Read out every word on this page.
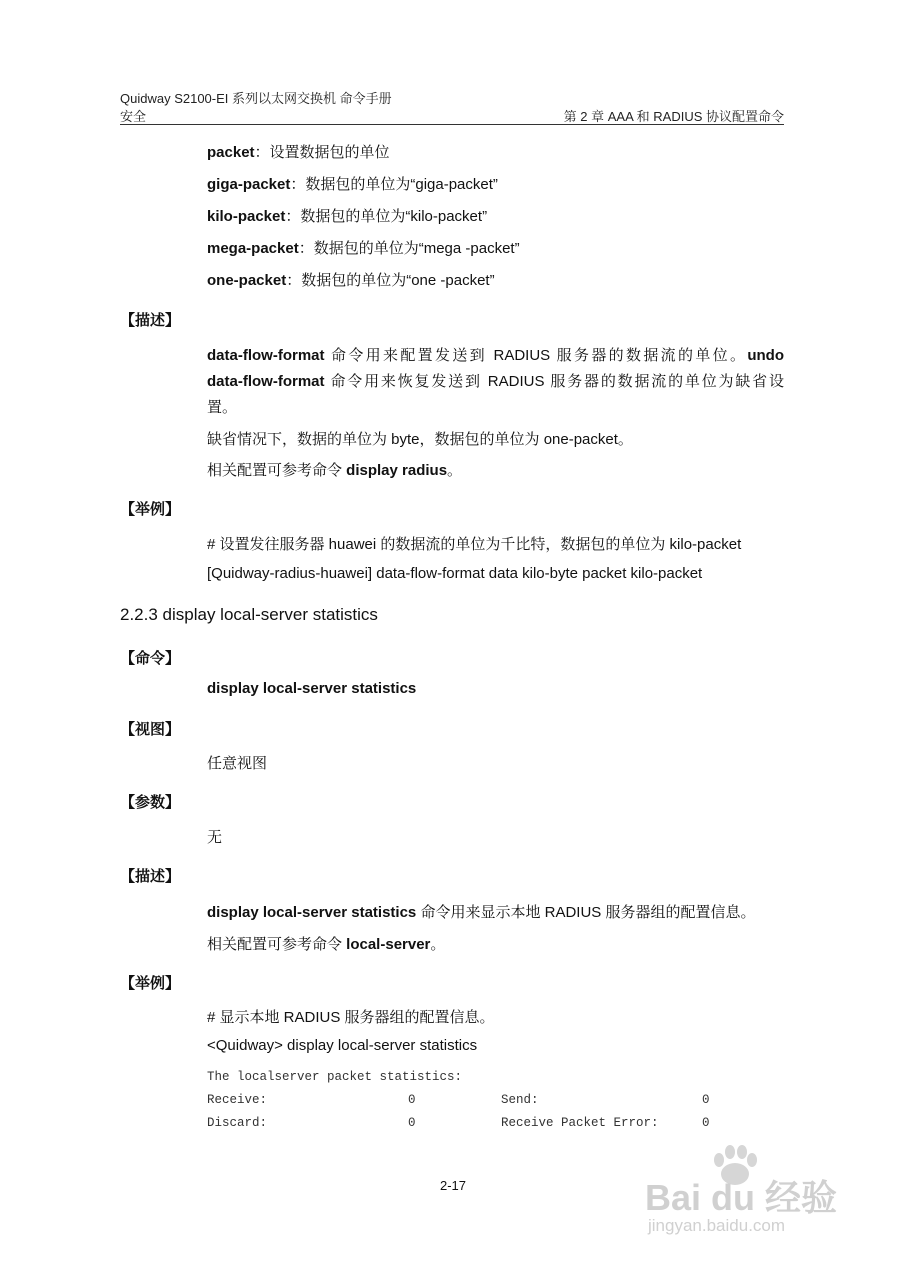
Quidway S2100-EI 系列以太网交换机 命令手册
安全	第 2 章 AAA 和 RADIUS 协议配置命令
packet：设置数据包的单位
giga-packet：数据包的单位为“giga-packet”
kilo-packet：数据包的单位为“kilo-packet”
mega-packet：数据包的单位为“mega -packet”
one-packet：数据包的单位为“one -packet”
【描述】
data-flow-format 命令用来配置发送到 RADIUS 服务器的数据流的单位。undo
data-flow-format 命令用来恢复发送到 RADIUS 服务器的数据流的单位为缺省设
置。
缺省情况下，数据的单位为 byte，数据包的单位为 one-packet。
相关配置可参考命令 display radius。
【举例】
# 设置发往服务器 huawei 的数据流的单位为千比特，数据包的单位为 kilo-packet
[Quidway-radius-huawei] data-flow-format data kilo-byte packet kilo-packet
2.2.3 display local-server statistics
【命令】
display local-server statistics
【视图】
任意视图
【参数】
无
【描述】
display local-server statistics 命令用来显示本地 RADIUS 服务器组的配置信息。
相关配置可参考命令 local-server。
【举例】
# 显示本地 RADIUS 服务器组的配置信息。
<Quidway> display local-server statistics
The localserver packet statistics:
Receive:	0	Send:	0
Discard:	0	Receive Packet Error:	0
2-17	Bai du 经验
jingyan.baidu.com
